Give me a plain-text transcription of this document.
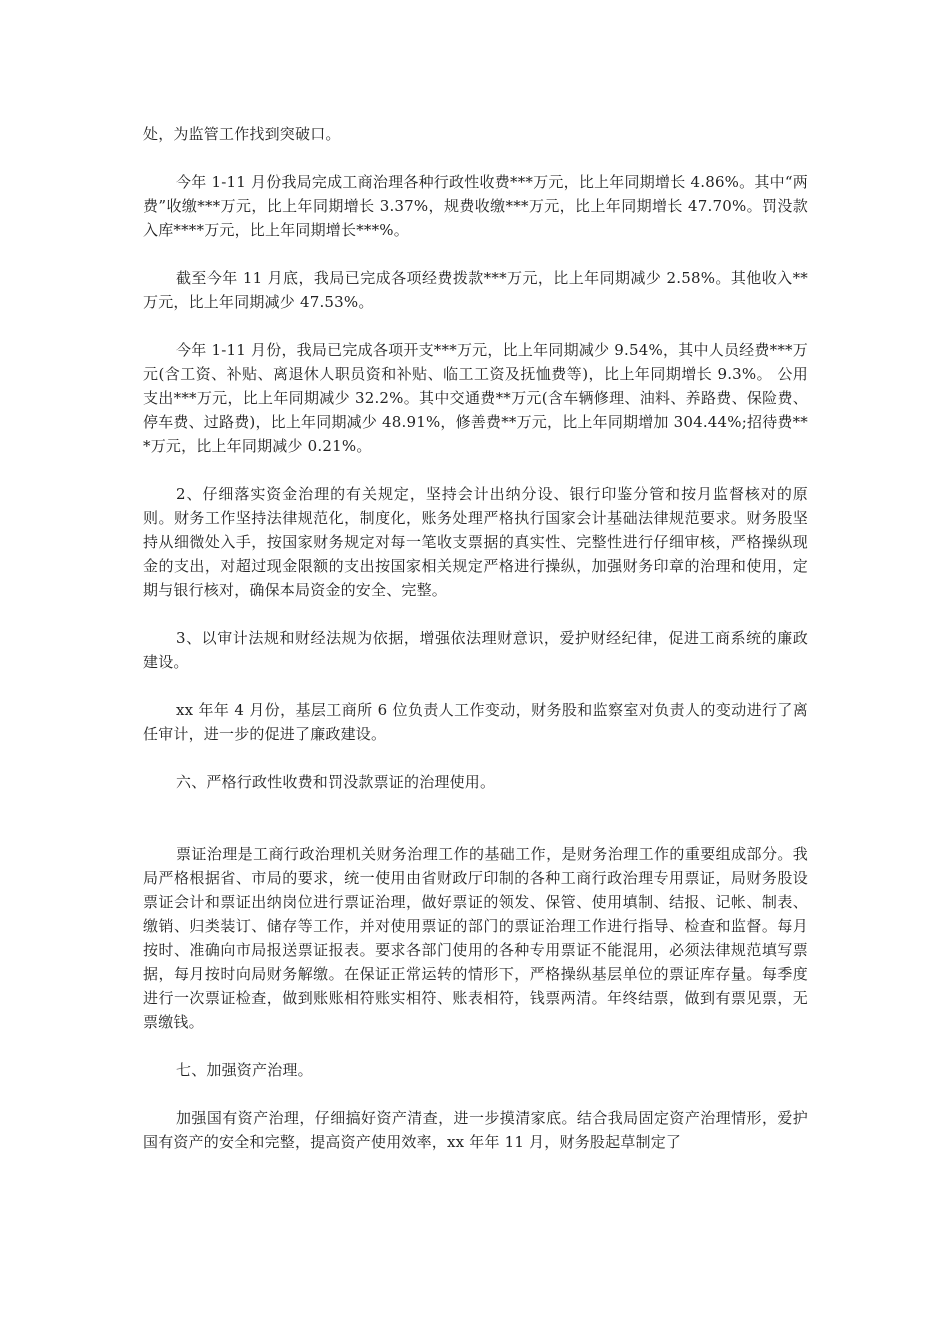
处，为监管工作找到突破口。

今年 1-11 月份我局完成工商治理各种行政性收费***万元，比上年同期增长 4.86%。其中“两费”收缴***万元，比上年同期增长 3.37%，规费收缴***万元，比上年同期增长 47.70%。罚没款入库****万元，比上年同期增长***%。

截至今年 11 月底，我局已完成各项经费拨款***万元，比上年同期减少 2.58%。其他收入**万元，比上年同期减少 47.53%。

今年 1-11 月份，我局已完成各项开支***万元，比上年同期减少 9.54%，其中人员经费***万元(含工资、补贴、离退休人职员资和补贴、临工工资及抚恤费等)，比上年同期增长 9.3%。 公用支出***万元，比上年同期减少 32.2%。其中交通费**万元(含车辆修理、油料、养路费、保险费、停车费、过路费)，比上年同期减少 48.91%，修善费**万元，比上年同期增加 304.44%;招待费***万元，比上年同期减少 0.21%。

2、仔细落实资金治理的有关规定，坚持会计出纳分设、银行印鉴分管和按月监督核对的原则。财务工作坚持法律规范化，制度化，账务处理严格执行国家会计基础法律规范要求。财务股坚持从细微处入手，按国家财务规定对每一笔收支票据的真实性、完整性进行仔细审核，严格操纵现金的支出，对超过现金限额的支出按国家相关规定严格进行操纵，加强财务印章的治理和使用，定期与银行核对，确保本局资金的安全、完整。

3、以审计法规和财经法规为依据，增强依法理财意识，爱护财经纪律，促进工商系统的廉政建设。

xx 年年 4 月份，基层工商所 6 位负责人工作变动，财务股和监察室对负责人的变动进行了离任审计，进一步的促进了廉政建设。

六、严格行政性收费和罚没款票证的治理使用。

票证治理是工商行政治理机关财务治理工作的基础工作，是财务治理工作的重要组成部分。我局严格根据省、市局的要求，统一使用由省财政厅印制的各种工商行政治理专用票证，局财务股设票证会计和票证出纳岗位进行票证治理，做好票证的领发、保管、使用填制、结报、记帐、制表、缴销、归类装订、储存等工作，并对使用票证的部门的票证治理工作进行指导、检查和监督。每月按时、准确向市局报送票证报表。要求各部门使用的各种专用票证不能混用，必须法律规范填写票据，每月按时向局财务解缴。在保证正常运转的情形下，严格操纵基层单位的票证库存量。每季度进行一次票证检查，做到账账相符账实相符、账表相符，钱票两清。年终结票，做到有票见票，无票缴钱。

七、加强资产治理。

加强国有资产治理，仔细搞好资产清查，进一步摸清家底。结合我局固定资产治理情形，爱护国有资产的安全和完整，提高资产使用效率，xx 年年 11 月，财务股起草制定了
